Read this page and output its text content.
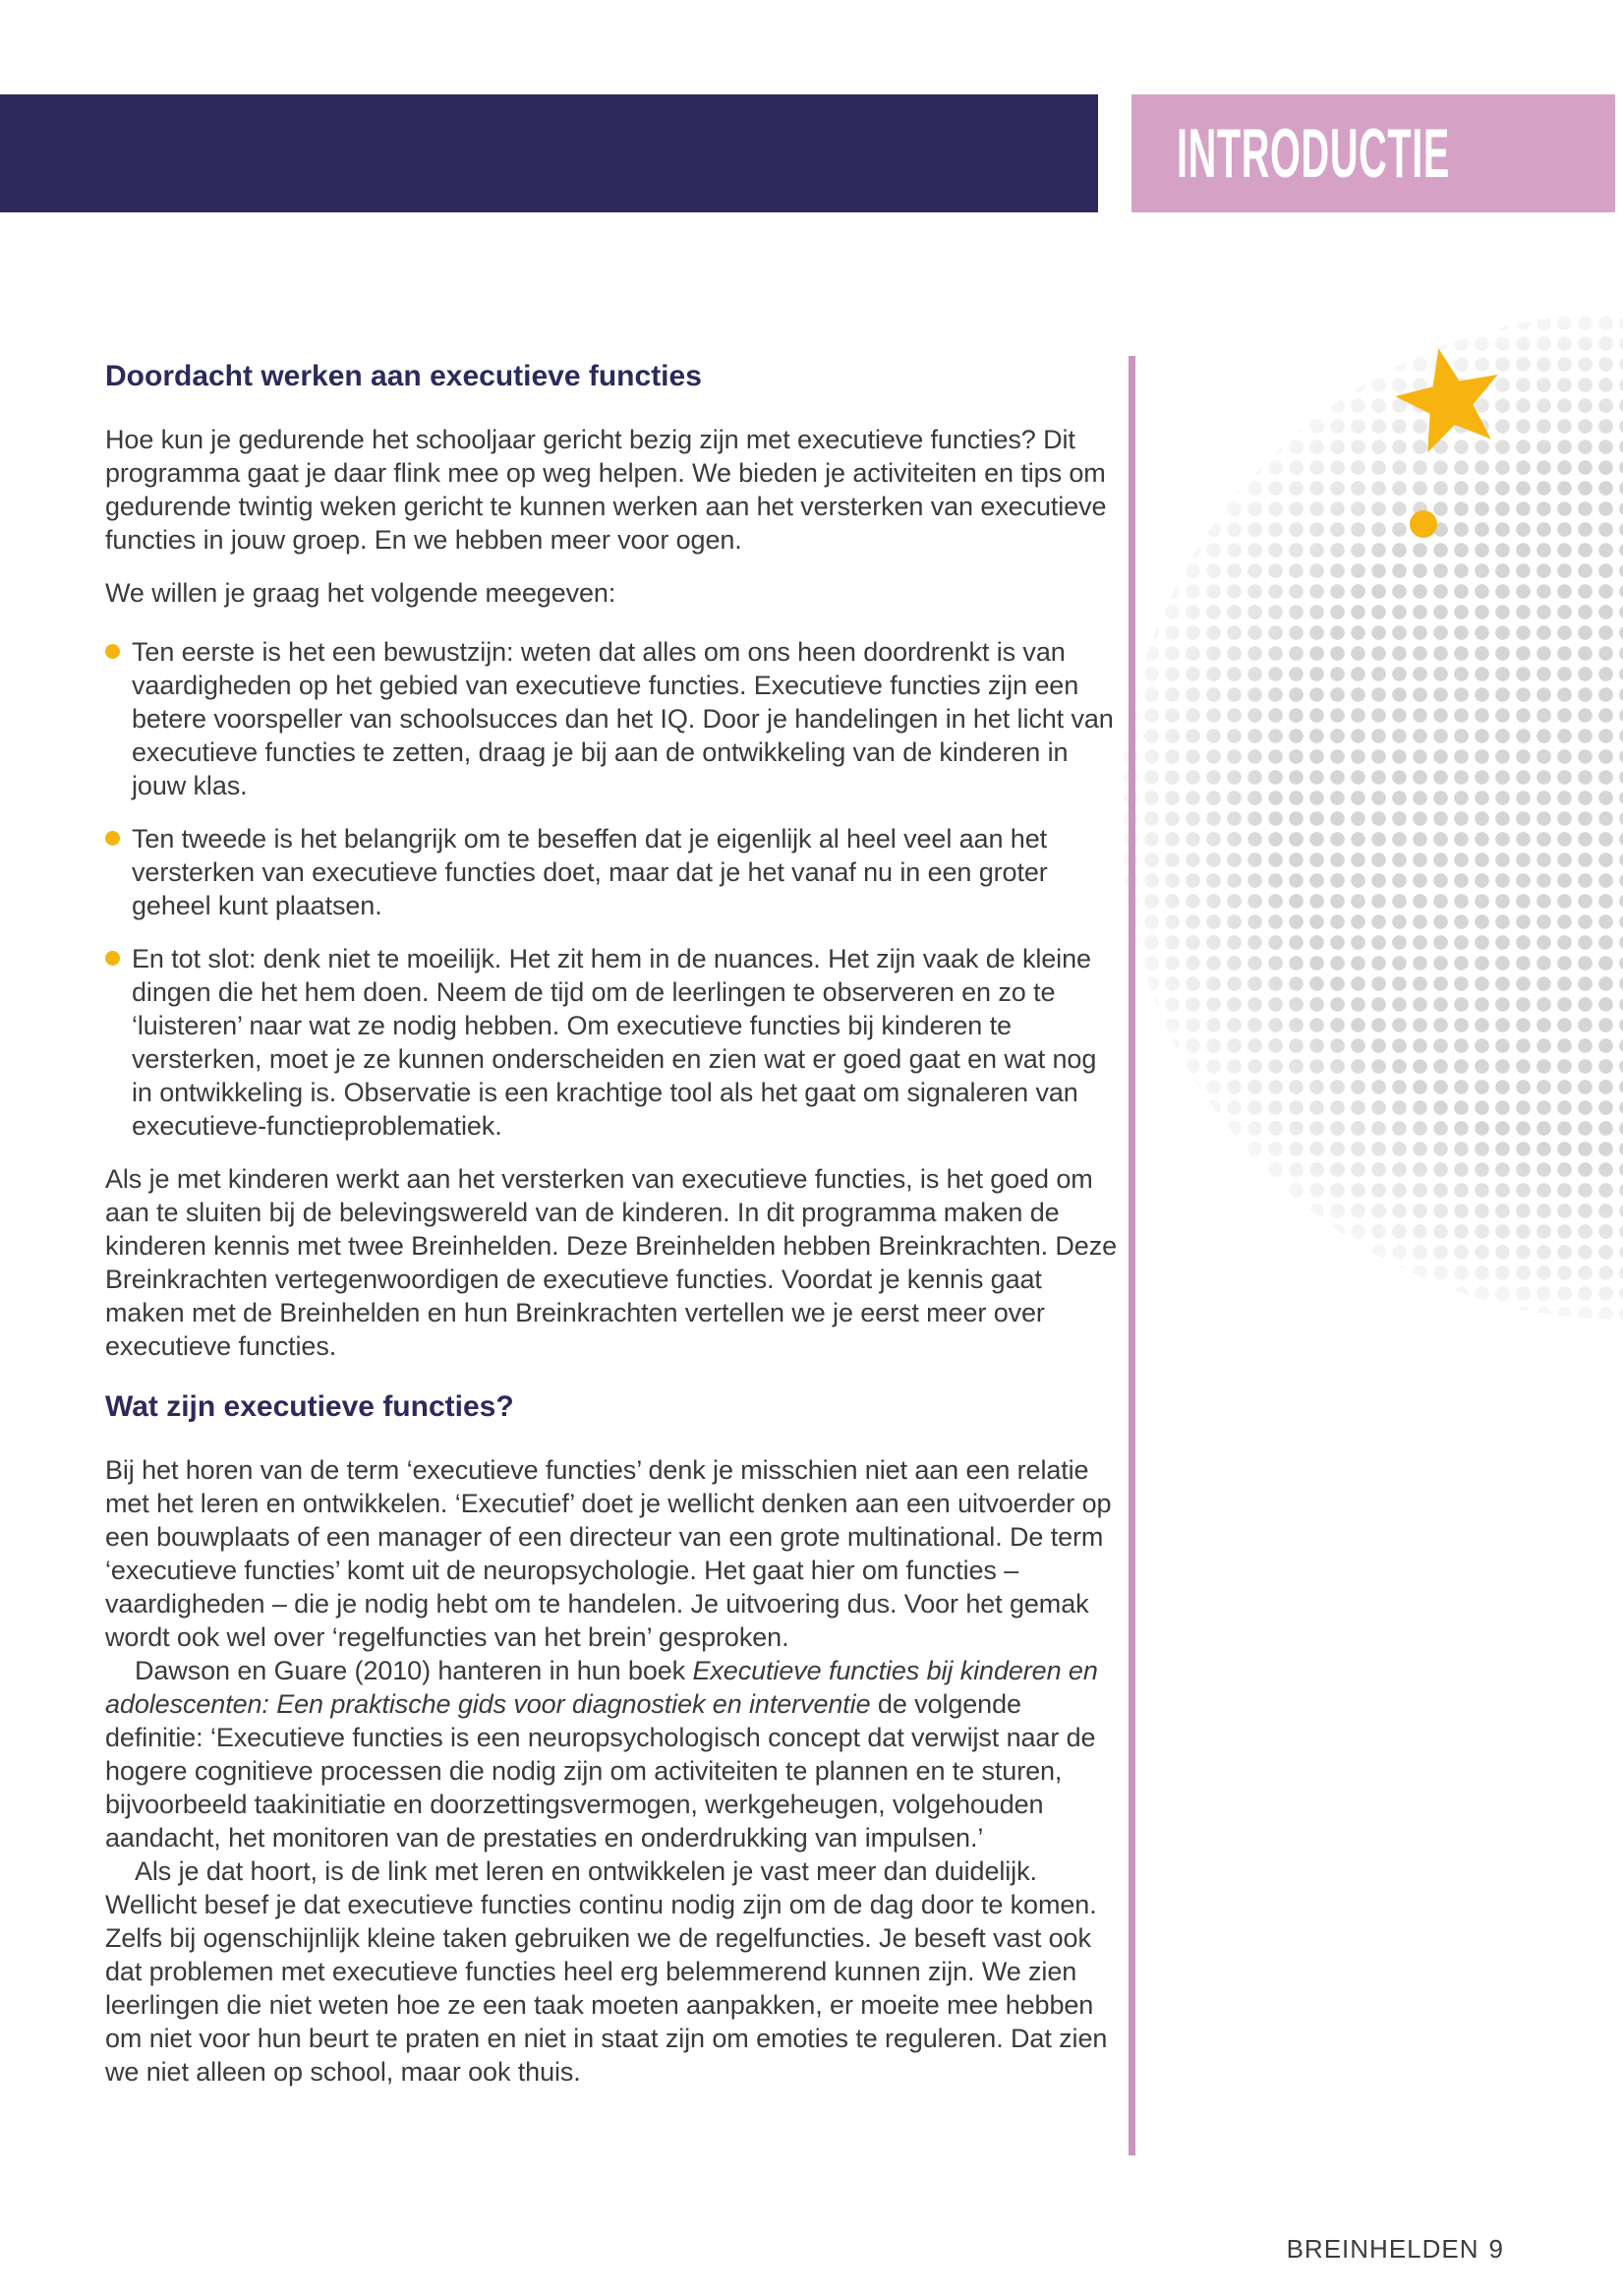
INTRODUCTIE
Doordacht werken aan executieve functies

Hoe kun je gedurende het schooljaar gericht bezig zijn met executieve functies? Dit programma gaat je daar flink mee op weg helpen. We bieden je activiteiten en tips om gedurende twintig weken gericht te kunnen werken aan het versterken van executieve functies in jouw groep. En we hebben meer voor ogen.

We willen je graag het volgende meegeven:

Ten eerste is het een bewustzijn: weten dat alles om ons heen doordrenkt is van vaardigheden op het gebied van executieve functies. Executieve functies zijn een betere voorspeller van schoolsucces dan het IQ. Door je handelingen in het licht van executieve functies te zetten, draag je bij aan de ontwikkeling van de kinderen in jouw klas.
Ten tweede is het belangrijk om te beseffen dat je eigenlijk al heel veel aan het versterken van executieve functies doet, maar dat je het vanaf nu in een groter geheel kunt plaatsen.
En tot slot: denk niet te moeilijk. Het zit hem in de nuances. Het zijn vaak de kleine dingen die het hem doen. Neem de tijd om de leerlingen te observeren en zo te ‘luisteren’ naar wat ze nodig hebben. Om executieve functies bij kinderen te versterken, moet je ze kunnen onderscheiden en zien wat er goed gaat en wat nog in ontwikkeling is. Observatie is een krachtige tool als het gaat om signaleren van executieve-functieproblematiek.

Als je met kinderen werkt aan het versterken van executieve functies, is het goed om aan te sluiten bij de belevingswereld van de kinderen. In dit programma maken de kinderen kennis met twee Breinhelden. Deze Breinhelden hebben Breinkrachten. Deze Breinkrachten vertegenwoordigen de executieve functies. Voordat je kennis gaat maken met de Breinhelden en hun Breinkrachten vertellen we je eerst meer over executieve functies.

Wat zijn executieve functies?

Bij het horen van de term ‘executieve functies’ denk je misschien niet aan een relatie met het leren en ontwikkelen. ‘Executief’ doet je wellicht denken aan een uitvoerder op een bouwplaats of een manager of een directeur van een grote multinational. De term ‘executieve functies’ komt uit de neuropsychologie. Het gaat hier om functies – vaardigheden – die je nodig hebt om te handelen. Je uitvoering dus. Voor het gemak wordt ook wel over ‘regelfuncties van het brein’ gesproken.

Dawson en Guare (2010) hanteren in hun boek Executieve functies bij kinderen en adolescenten: Een praktische gids voor diagnostiek en interventie de volgende definitie: ‘Executieve functies is een neuropsychologisch concept dat verwijst naar de hogere cognitieve processen die nodig zijn om activiteiten te plannen en te sturen, bijvoorbeeld taakinitiatie en doorzettingsvermogen, werkgeheugen, volgehouden aandacht, het monitoren van de prestaties en onderdrukking van impulsen.’

Als je dat hoort, is de link met leren en ontwikkelen je vast meer dan duidelijk. Wellicht besef je dat executieve functies continu nodig zijn om de dag door te komen. Zelfs bij ogenschijnlijk kleine taken gebruiken we de regelfuncties. Je beseft vast ook dat problemen met executieve functies heel erg belemmerend kunnen zijn. We zien leerlingen die niet weten hoe ze een taak moeten aanpakken, er moeite mee hebben om niet voor hun beurt te praten en niet in staat zijn om emoties te reguleren. Dat zien we niet alleen op school, maar ook thuis.

BREINHELDEN 9
